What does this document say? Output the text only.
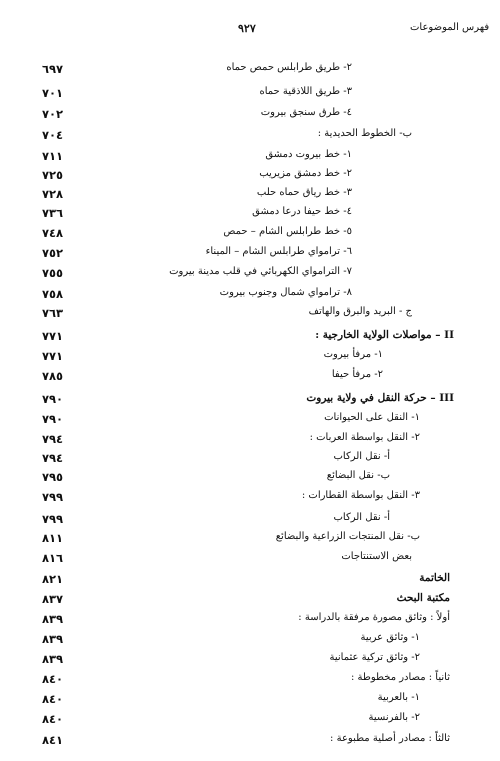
٩٢٧	فهرس الموضوعات
٦٩٧	٢- طريق طرابلس حمص حماه
٧٠١	٣- طريق اللاذقية حماه
٧٠٢	٤- طرق سنجق بيروت
٧٠٤	ب- الخطوط الحديدية :
٧١١	١- خط بيروت دمشق
٧٢٥	٢- خط دمشق مزيريب
٧٢٨	٣- خط رياق حماه حلب
٧٣٦	٤- خط حيفا درعا دمشق
٧٤٨	٥- خط طرابلس الشام – حمص
٧٥٢	٦- ترامواي طرابلس الشام – الميناء
٧٥٥	٧- الترامواي الكهربائي في قلب مدينة بيروت
٧٥٨	٨- ترامواي شمال وجنوب بيروت
٧٦٣	ج - البريد والبرق والهاتف
٧٧١	II – مواصلات الولاية الخارجية :
٧٧١	١- مرفأ بيروت
٧٨٥	٢- مرفأ حيفا
٧٩٠	III – حركة النقل في ولاية بيروت
٧٩٠	١- النقل على الحيوانات
٧٩٤	٢- النقل بواسطة العربات :
٧٩٤	أ- نقل الركاب
٧٩٥	ب- نقل البضائع
٧٩٩	٣- النقل بواسطة القطارات :
٧٩٩	أ- نقل الركاب
٨١١	ب- نقل المنتجات الزراعية والبضائع
٨١٦	بعض الاستنتاجات
٨٢١	الخاتمة
٨٣٧	مكتبة البحث
٨٣٩	أولاً : وثائق مصورة مرفقة بالدراسة :
٨٣٩	١- وثائق عربية
٨٣٩	٢- وثائق تركية عثمانية
٨٤٠	ثانياً : مصادر مخطوطة :
٨٤٠	١- بالعربية
٨٤٠	٢- بالفرنسية
٨٤١	ثالثاً : مصادر أصلية مطبوعة :
